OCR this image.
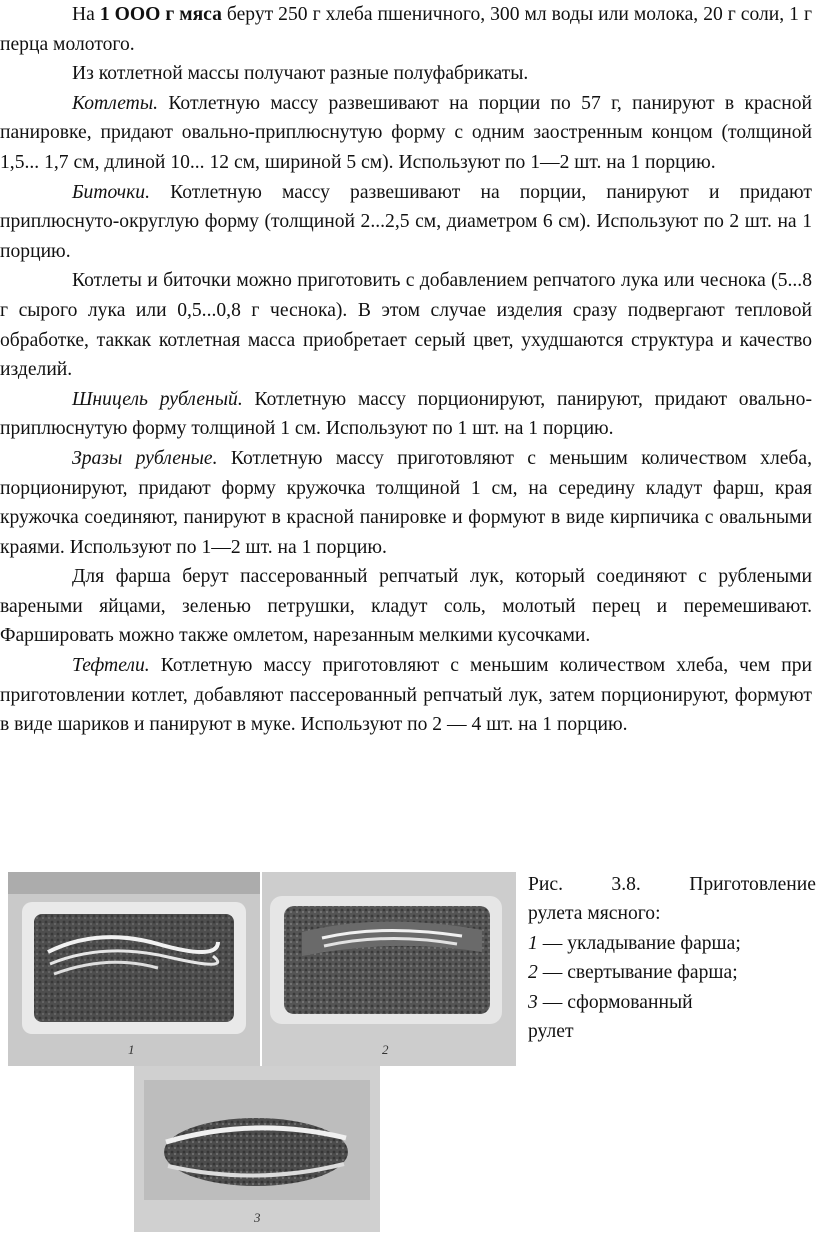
На 1 ООО г мяса берут 250 г хлеба пшеничного, 300 мл воды или молока, 20 г соли, 1 г перца молотого.

Из котлетной массы получают разные полуфабрикаты.

Котлеты. Котлетную массу развешивают на порции по 57 г, панируют в красной панировке, придают овально-приплюснутую форму с одним заостренным концом (толщиной 1,5... 1,7 см, длиной 10... 12 см, шириной 5 см). Используют по 1—2 шт. на 1 порцию.

Биточки. Котлетную массу развешивают на порции, панируют и придают приплюснуто-округлую форму (толщиной 2...2,5 см, диаметром 6 см). Используют по 2 шт. на 1 порцию.

Котлеты и биточки можно приготовить с добавлением репчатого лука или чеснока (5...8 г сырого лука или 0,5...0,8 г чеснока). В этом случае изделия сразу подвергают тепловой обработке, таккак котлетная масса приобретает серый цвет, ухудшаются структура и качество изделий.

Шницель рубленый. Котлетную массу порционируют, панируют, придают овально-приплюснутую форму толщиной 1 см. Используют по 1 шт. на 1 порцию.

Зразы рубленые. Котлетную массу приготовляют с меньшим количеством хлеба, порционируют, придают форму кружочка толщиной 1 см, на середину кладут фарш, края кружочка соединяют, панируют в красной панировке и формуют в виде кирпичика с овальными краями. Используют по 1—2 шт. на 1 порцию.

Для фарша берут пассерованный репчатый лук, который соединяют с рублеными вареными яйцами, зеленью петрушки, кладут соль, молотый перец и перемешивают. Фаршировать можно также омлетом, нарезанным мелкими кусочками.

Тефтели. Котлетную массу приготовляют с меньшим количеством хлеба, чем при приготовлении котлет, добавляют пассерованный репчатый лук, затем порционируют, формуют в виде шариков и панируют в муке. Используют по 2 — 4 шт. на 1 порцию.

1	2
3
Рис. 3.8. Приготовление
рулета мясного:
1 — укладывание фарша;
2 — свертывание фарша;
3 — сформованный
рулет
